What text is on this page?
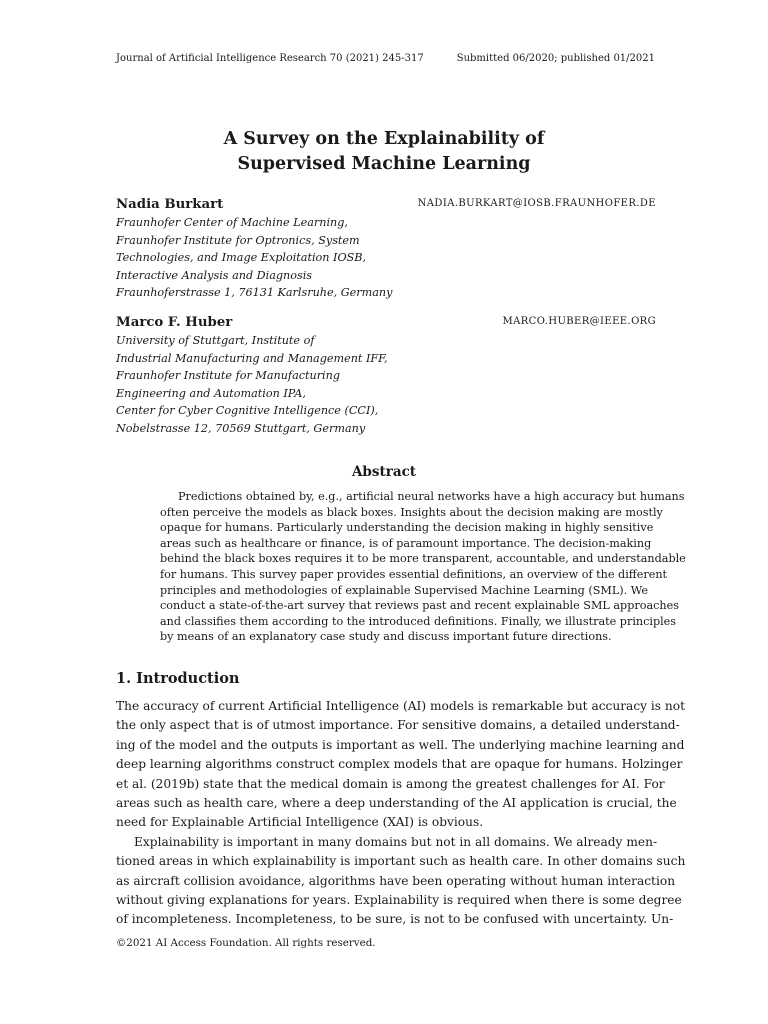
Journal of Artificial Intelligence Research 70 (2021) 245-317	Submitted 06/2020; published 01/2021
A Survey on the Explainability of
Supervised Machine Learning
Nadia Burkart	NADIA.BURKART@IOSB.FRAUNHOFER.DE
Fraunhofer Center of Machine Learning,
Fraunhofer Institute for Optronics, System
Technologies, and Image Exploitation IOSB,
Interactive Analysis and Diagnosis
Fraunhoferstrasse 1, 76131 Karlsruhe, Germany
Marco F. Huber	MARCO.HUBER@IEEE.ORG
University of Stuttgart, Institute of
Industrial Manufacturing and Management IFF,
Fraunhofer Institute for Manufacturing
Engineering and Automation IPA,
Center for Cyber Cognitive Intelligence (CCI),
Nobelstrasse 12, 70569 Stuttgart, Germany
Abstract
Predictions obtained by, e.g., artificial neural networks have a high accuracy but humans
often perceive the models as black boxes. Insights about the decision making are mostly
opaque for humans. Particularly understanding the decision making in highly sensitive
areas such as healthcare or finance, is of paramount importance. The decision-making
behind the black boxes requires it to be more transparent, accountable, and understandable
for humans. This survey paper provides essential definitions, an overview of the different
principles and methodologies of explainable Supervised Machine Learning (SML). We
conduct a state-of-the-art survey that reviews past and recent explainable SML approaches
and classifies them according to the introduced definitions. Finally, we illustrate principles
by means of an explanatory case study and discuss important future directions.
1. Introduction
The accuracy of current Artificial Intelligence (AI) models is remarkable but accuracy is not
the only aspect that is of utmost importance. For sensitive domains, a detailed understand-
ing of the model and the outputs is important as well. The underlying machine learning and
deep learning algorithms construct complex models that are opaque for humans. Holzinger
et al. (2019b) state that the medical domain is among the greatest challenges for AI. For
areas such as health care, where a deep understanding of the AI application is crucial, the
need for Explainable Artificial Intelligence (XAI) is obvious.
Explainability is important in many domains but not in all domains. We already men-
tioned areas in which explainability is important such as health care. In other domains such
as aircraft collision avoidance, algorithms have been operating without human interaction
without giving explanations for years. Explainability is required when there is some degree
of incompleteness. Incompleteness, to be sure, is not to be confused with uncertainty. Un-
©2021 AI Access Foundation. All rights reserved.
